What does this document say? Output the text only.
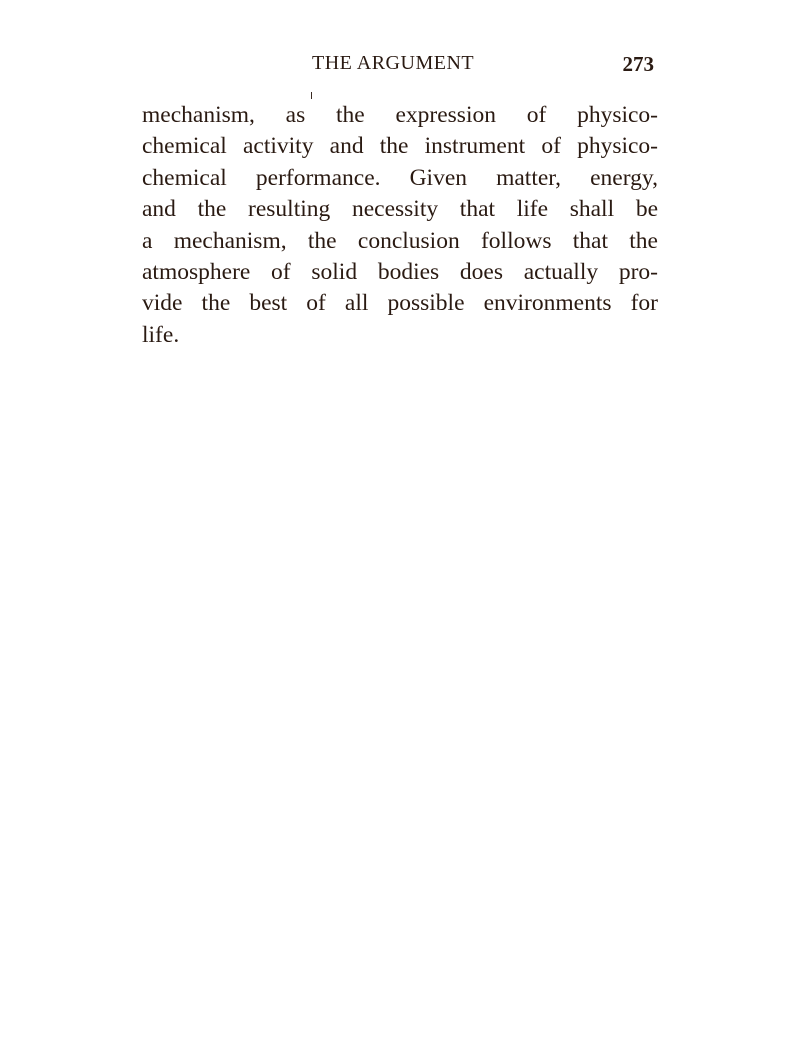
THE ARGUMENT	273
mechanism, as the expression of physico-
chemical activity and the instrument of physico-
chemical performance. Given matter, energy,
and the resulting necessity that life shall be
a mechanism, the conclusion follows that the
atmosphere of solid bodies does actually pro-
vide the best of all possible environments for
life.
